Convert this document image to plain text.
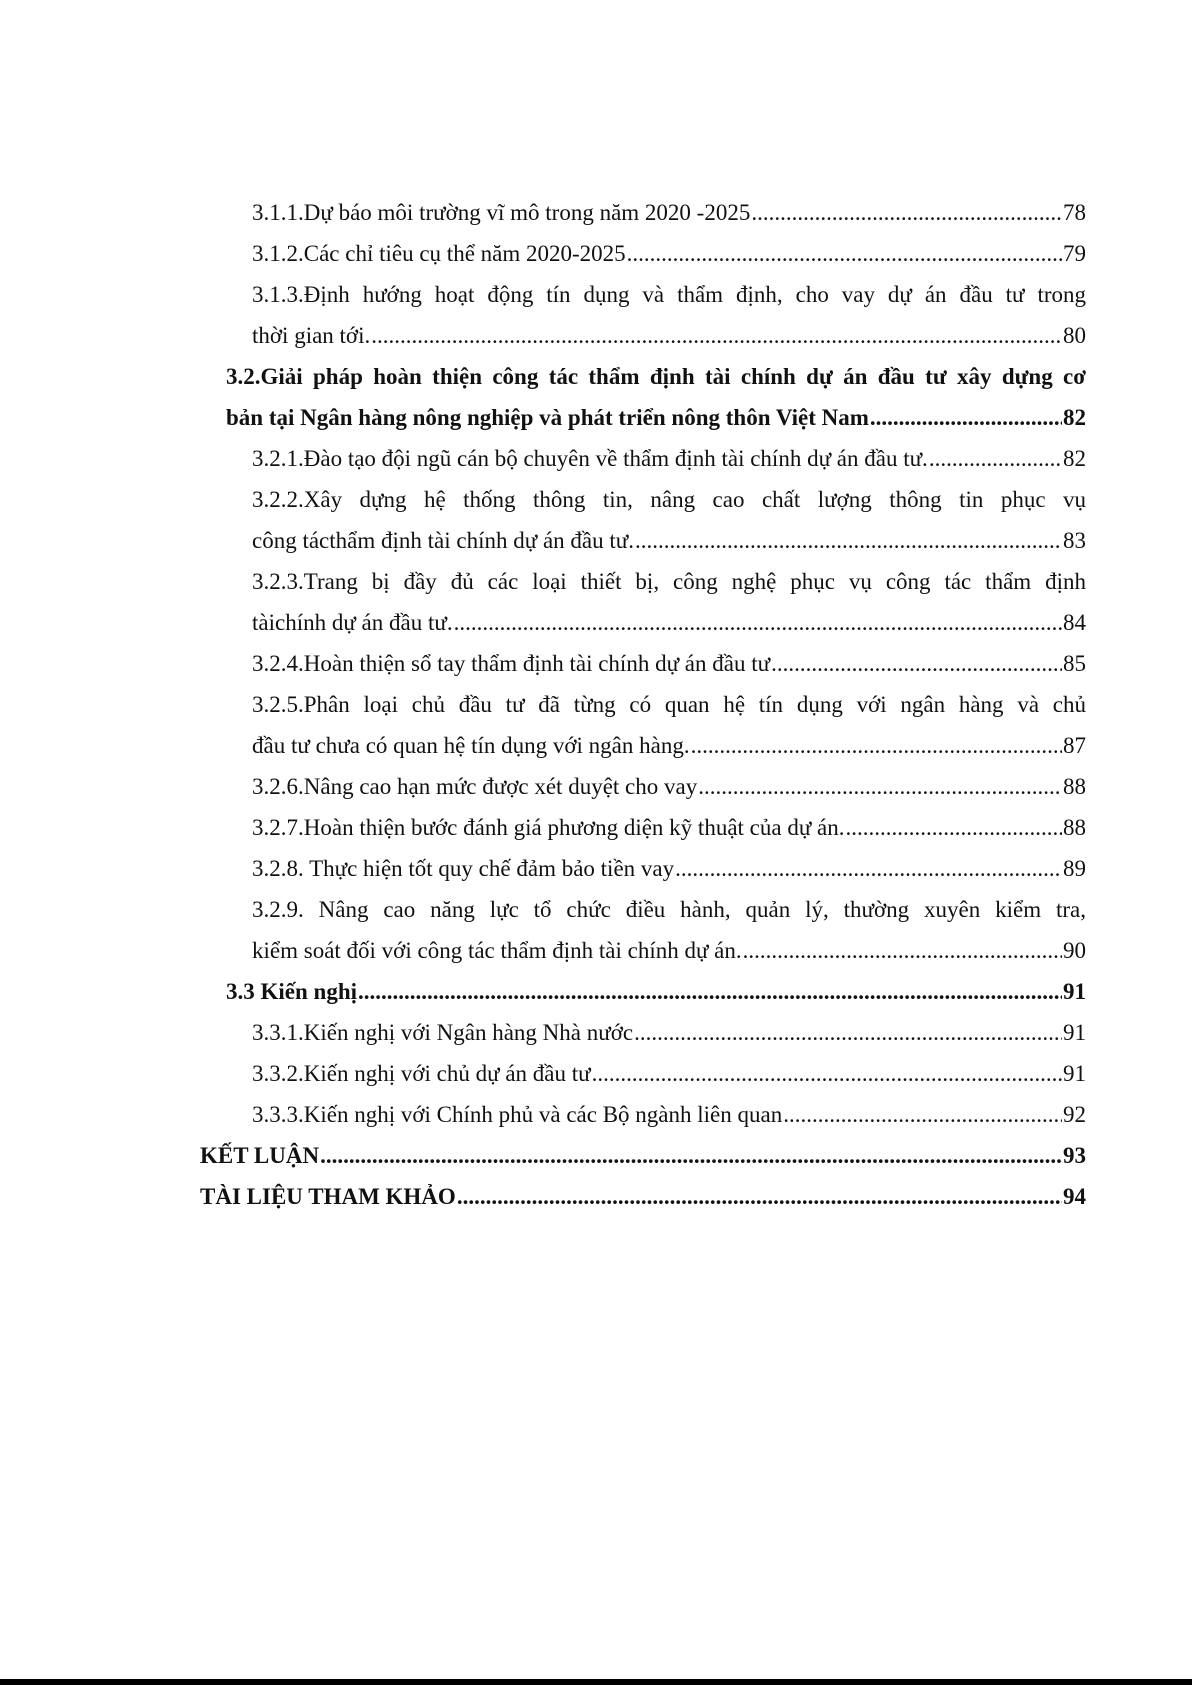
3.1.1.Dự báo môi trường vĩ mô trong năm 2020 -2025 .....	78
3.1.2.Các chỉ tiêu cụ thể năm 2020-2025 .....	79
3.1.3.Định hướng hoạt động tín dụng và thẩm định, cho vay dự án đầu tư trong
thời gian tới. .....	80
3.2.Giải pháp hoàn thiện công tác thẩm định tài chính dự án đầu tư xây dựng cơ
bản tại Ngân hàng nông nghiệp và phát triển nông thôn Việt Nam .....	82
3.2.1.Đào tạo đội ngũ cán bộ chuyên về thẩm định tài chính dự án đầu tư. .....	82
3.2.2.Xây dựng hệ thống thông tin, nâng cao chất lượng thông tin phục vụ
công tácthẩm định tài chính dự án đầu tư. .....	83
3.2.3.Trang bị đầy đủ các loại thiết bị, công nghệ phục vụ công tác thẩm định
tàichính dự án đầu tư. .....	84
3.2.4.Hoàn thiện sổ tay thẩm định tài chính dự án đầu tư .....	85
3.2.5.Phân loại chủ đầu tư đã từng có quan hệ tín dụng với ngân hàng và chủ
đầu tư chưa có quan hệ tín dụng với ngân hàng. .....	87
3.2.6.Nâng cao hạn mức được xét duyệt cho vay .....	88
3.2.7.Hoàn thiện bước đánh giá phương diện kỹ thuật của dự án. .....	88
3.2.8. Thực hiện tốt quy chế đảm bảo tiền vay .....	89
3.2.9. Nâng cao năng lực tổ chức điều hành, quản lý, thường xuyên kiểm tra,
kiểm soát đối với công tác thẩm định tài chính dự án. .....	90
3.3 Kiến nghị .....	91
3.3.1.Kiến nghị với Ngân hàng Nhà nước .....	91
3.3.2.Kiến nghị với chủ dự án đầu tư .....	91
3.3.3.Kiến nghị với Chính phủ và các Bộ ngành liên quan .....	92
KẾT LUẬN .....	93
TÀI LIỆU THAM KHẢO .....	94
